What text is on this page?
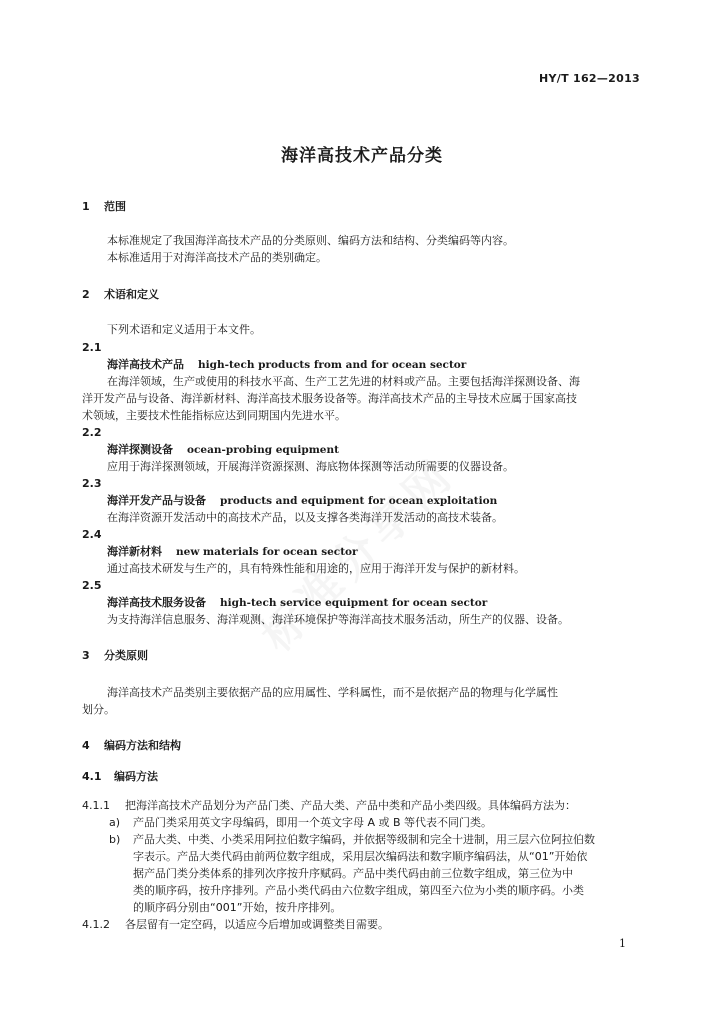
HY/T 162—2013
海洋高技术产品分类
1 范围
本标准规定了我国海洋高技术产品的分类原则、编码方法和结构、分类编码等内容。
本标准适用于对海洋高技术产品的类别确定。
2 术语和定义
下列术语和定义适用于本文件。
2.1
海洋高技术产品 high-tech products from and for ocean sector
在海洋领域，生产或使用的科技水平高、生产工艺先进的材料或产品。主要包括海洋探测设备、海
洋开发产品与设备、海洋新材料、海洋高技术服务设备等。海洋高技术产品的主导技术应属于国家高技
术领域，主要技术性能指标应达到同期国内先进水平。
2.2
海洋探测设备 ocean-probing equipment
应用于海洋探测领域，开展海洋资源探测、海底物体探测等活动所需要的仪器设备。
2.3
海洋开发产品与设备 products and equipment for ocean exploitation
在海洋资源开发活动中的高技术产品，以及支撑各类海洋开发活动的高技术装备。
2.4
海洋新材料 new materials for ocean sector
通过高技术研发与生产的，具有特殊性能和用途的，应用于海洋开发与保护的新材料。
2.5
海洋高技术服务设备 high-tech service equipment for ocean sector
为支持海洋信息服务、海洋观测、海洋环境保护等海洋高技术服务活动，所生产的仪器、设备。
3 分类原则
海洋高技术产品类别主要依据产品的应用属性、学科属性，而不是依据产品的物理与化学属性
划分。
4 编码方法和结构
4.1 编码方法
4.1.1 把海洋高技术产品划分为产品门类、产品大类、产品中类和产品小类四级。具体编码方法为：
a) 产品门类采用英文字母编码，即用一个英文字母 A 或 B 等代表不同门类。
b) 产品大类、中类、小类采用阿拉伯数字编码，并依据等级制和完全十进制，用三层六位阿拉伯数
字表示。产品大类代码由前两位数字组成，采用层次编码法和数字顺序编码法，从“01”开始依
据产品门类分类体系的排列次序按升序赋码。产品中类代码由前三位数字组成，第三位为中
类的顺序码，按升序排列。产品小类代码由六位数字组成，第四至六位为小类的顺序码。小类
的顺序码分别由“001”开始，按升序排列。
4.1.2 各层留有一定空码，以适应今后增加或调整类目需要。
1
